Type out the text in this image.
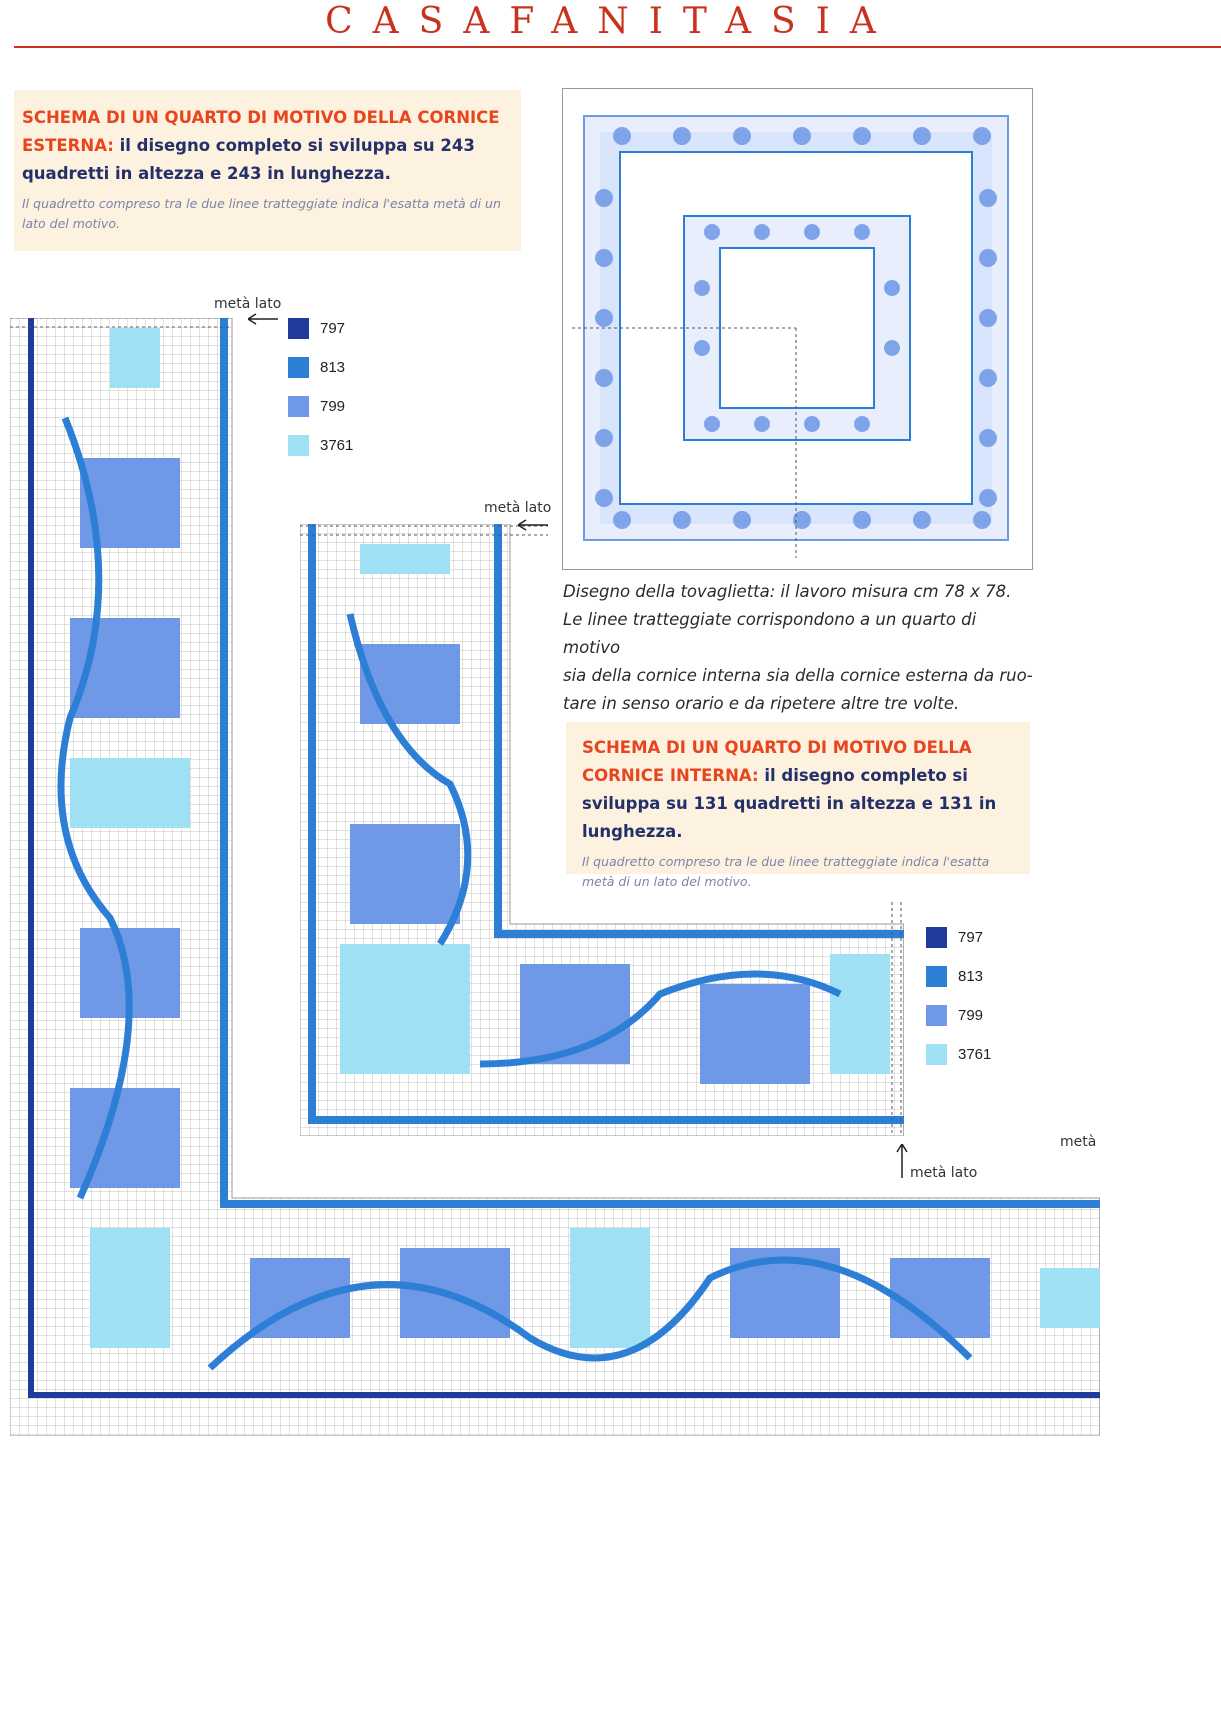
CASAFANITASIA
SCHEMA DI UN QUARTO DI MOTIVO DELLA CORNICE ESTERNA: il disegno completo si sviluppa su 243 quadretti in altezza e 243 in lunghezza.
Il quadretto compreso tra le due linee tratteggiate indica l'esatta metà di un lato del motivo.
SCHEMA DI UN QUARTO DI MOTIVO DELLA CORNICE INTERNA: il disegno completo si sviluppa su 131 quadretti in altezza e 131 in lunghezza.
Il quadretto compreso tra le due linee tratteggiate indica l'esatta metà di un lato del motivo.
Disegno della tovaglietta: il lavoro misura cm 78 x 78.
Le linee tratteggiate corrispondono a un quarto di motivo
sia della cornice interna sia della cornice esterna da ruo-
tare in senso orario e da ripetere altre tre volte.
797
813
799
3761
797
813
799
3761
metà lato
metà lato
metà lato
metà
